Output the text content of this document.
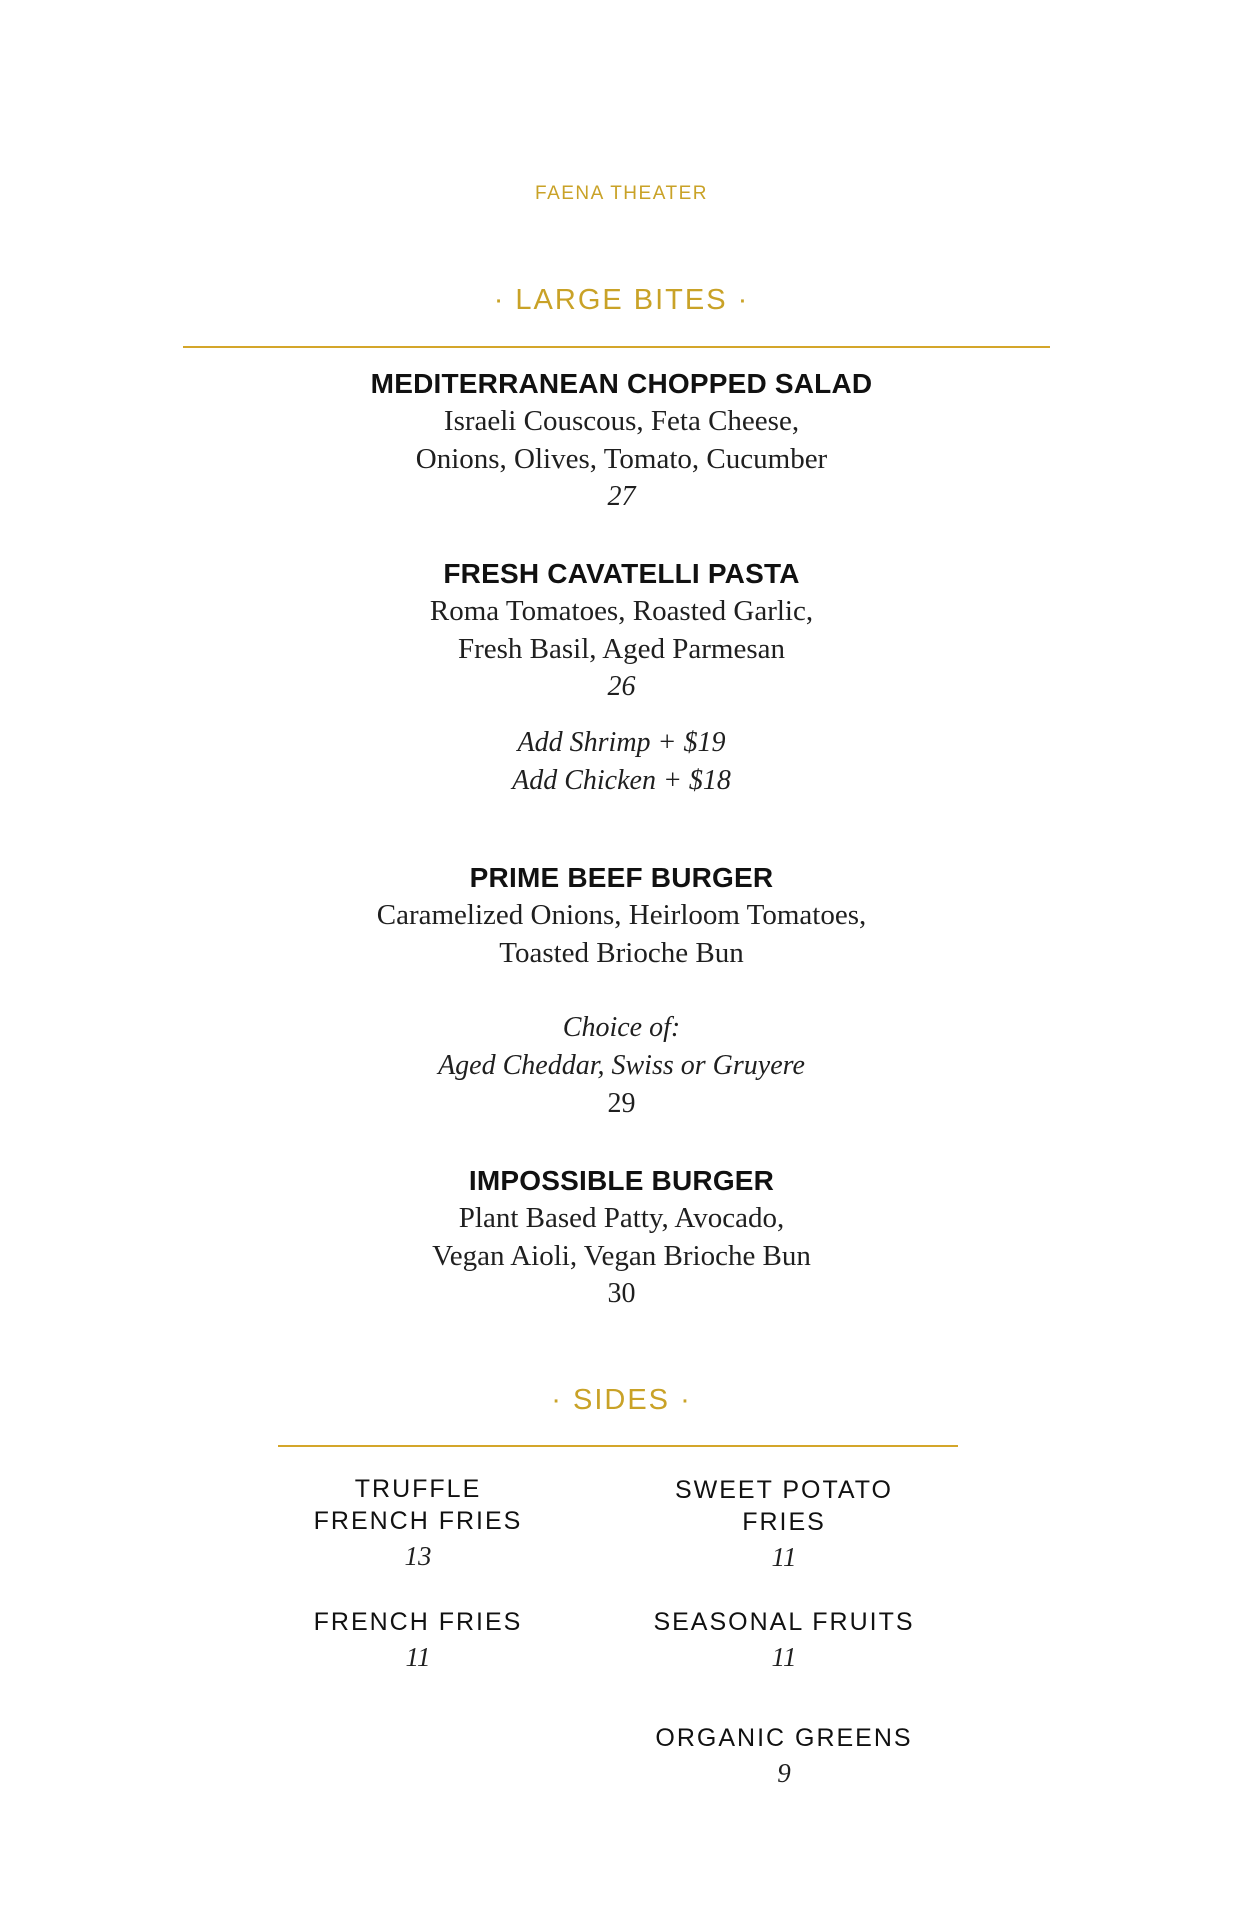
FAENA THEATER
· LARGE BITES ·
MEDITERRANEAN CHOPPED SALAD
Israeli Couscous, Feta Cheese,
Onions, Olives, Tomato, Cucumber
27
FRESH CAVATELLI PASTA
Roma Tomatoes, Roasted Garlic,
Fresh Basil, Aged Parmesan
26
Add Shrimp + $19
Add Chicken + $18
PRIME BEEF BURGER
Caramelized Onions, Heirloom Tomatoes,
Toasted Brioche Bun
Choice of:
Aged Cheddar, Swiss or Gruyere
29
IMPOSSIBLE BURGER
Plant Based Patty, Avocado,
Vegan Aioli, Vegan Brioche Bun
30
· SIDES ·
TRUFFLE
FRENCH FRIES
13
SWEET POTATO
FRIES
11
FRENCH FRIES
11
SEASONAL FRUITS
11
ORGANIC GREENS
9
